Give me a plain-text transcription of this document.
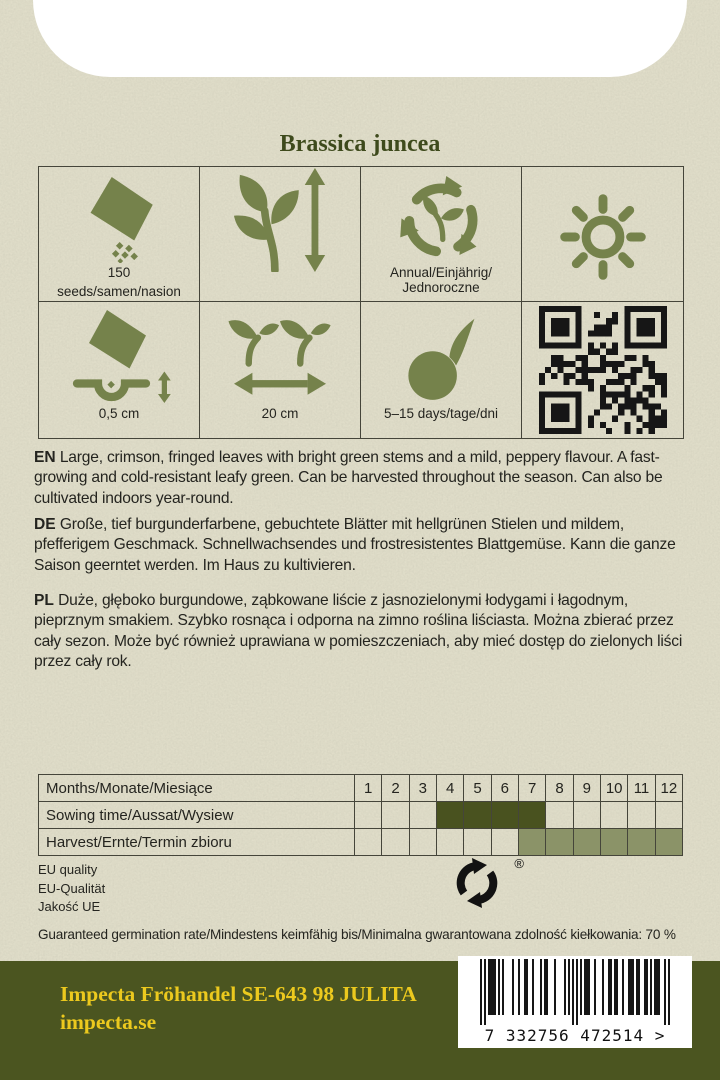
Brassica juncea
150
seeds/samen/nasion
Annual/Einjährig/
Jednoroczne
0,5 cm	20 cm	5–15 days/tage/dni

EN Large, crimson, fringed leaves with bright green stems and a mild, peppery flavour. A fast-growing and cold-resistant leafy green. Can be harvested throughout the season. Can also be cultivated indoors year-round.

DE Große, tief burgunderfarbene, gebuchtete Blätter mit hellgrünen Stielen und mildem, pfefferigem Geschmack. Schnellwachsendes und frostresistentes Blattgemüse. Kann die ganze Saison geerntet werden. Im Haus zu kultivieren.

PL Duże, głęboko burgundowe, ząbkowane liście z jasnozielonymi łodygami i łagodnym, pieprznym smakiem. Szybko rosnąca i odporna na zimno roślina liściasta. Można zbierać przez cały sezon. Może być również uprawiana w pomieszczeniach, aby mieć dostęp do zielonych liści przez cały rok.

Months/Monate/Miesiące	1	2	3	4	5	6	7	8	9 10 11 12
Sowing time/Aussat/Wysiew
Harvest/Ernte/Termin zbioru
EU quality
EU-Qualität
Jakość UE
®
Guaranteed germination rate/Mindestens keimfähig bis/Minimalna gwarantowana zdolność kiełkowania: 70 %
Impecta Fröhandel SE-643 98 JULITA
impecta.se
7 332756 472514 >
